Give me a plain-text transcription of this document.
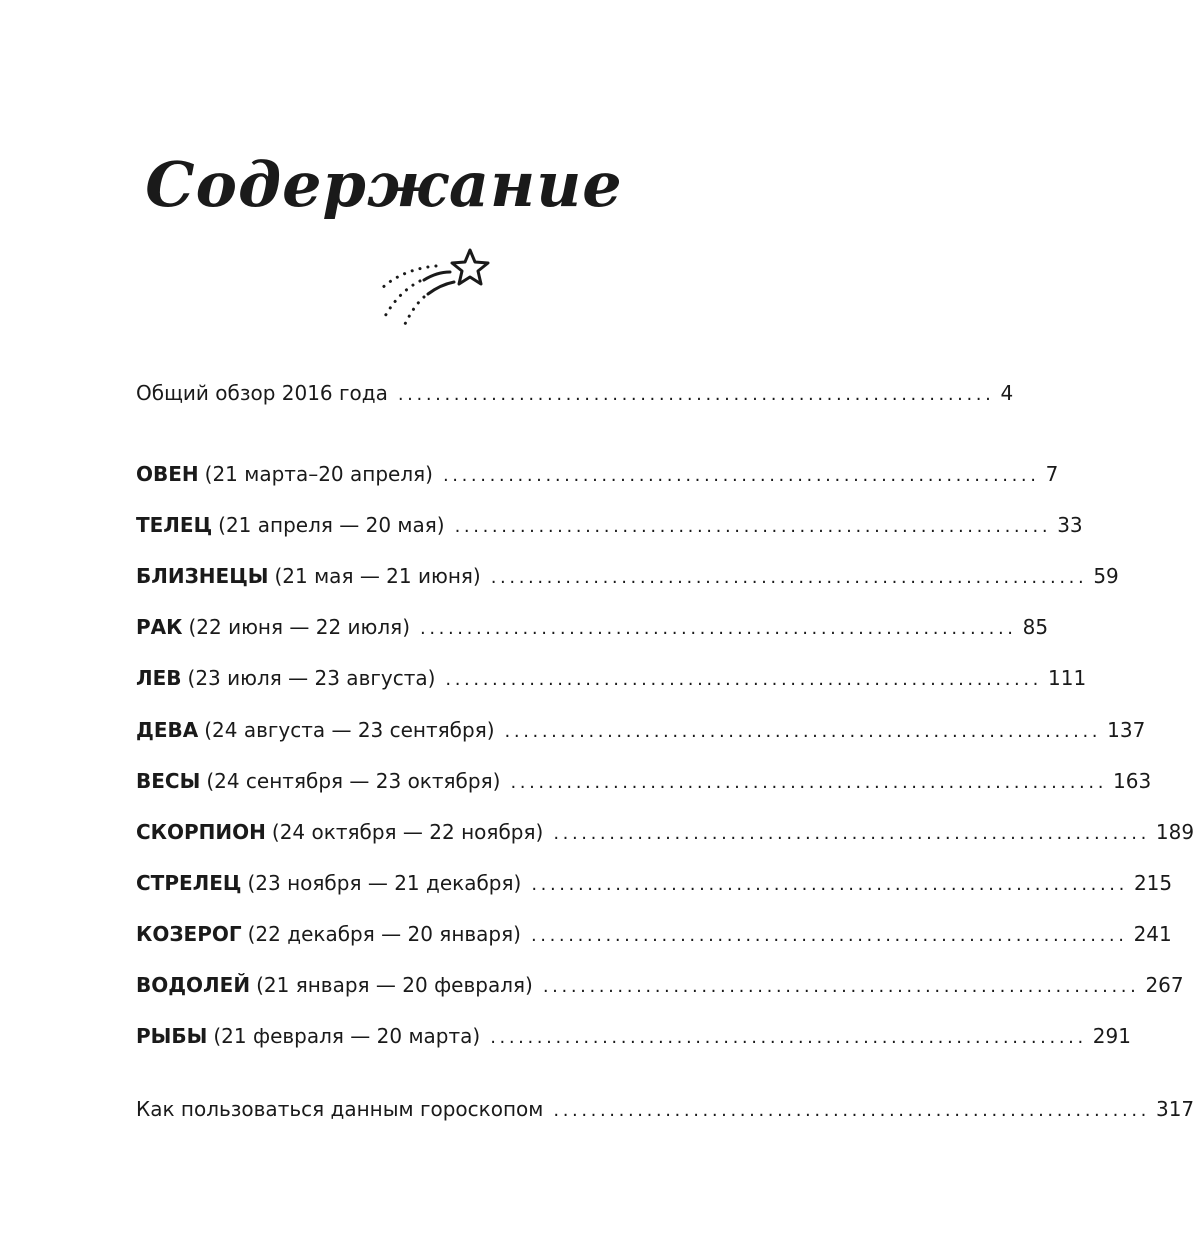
Содержание
Общий обзор 2016 года ................................................................ 4
ОВЕН (21 марта–20 апреля) ................................................................ 7
ТЕЛЕЦ (21 апреля — 20 мая) ................................................................ 33
БЛИЗНЕЦЫ (21 мая — 21 июня) ................................................................ 59
РАК (22 июня — 22 июля) ................................................................ 85
ЛЕВ (23 июля — 23 августа) ................................................................ 111
ДЕВА (24 августа — 23 сентября) ................................................................ 137
ВЕСЫ (24 сентября — 23 октября) ................................................................ 163
СКОРПИОН (24 октября — 22 ноября) ................................................................ 189
СТРЕЛЕЦ (23 ноября — 21 декабря) ................................................................ 215
КОЗЕРОГ (22 декабря — 20 января) ................................................................ 241
ВОДОЛЕЙ (21 января — 20 февраля) ................................................................ 267
РЫБЫ (21 февраля — 20 марта) ................................................................ 291
Как пользоваться данным гороскопом ................................................................ 317
